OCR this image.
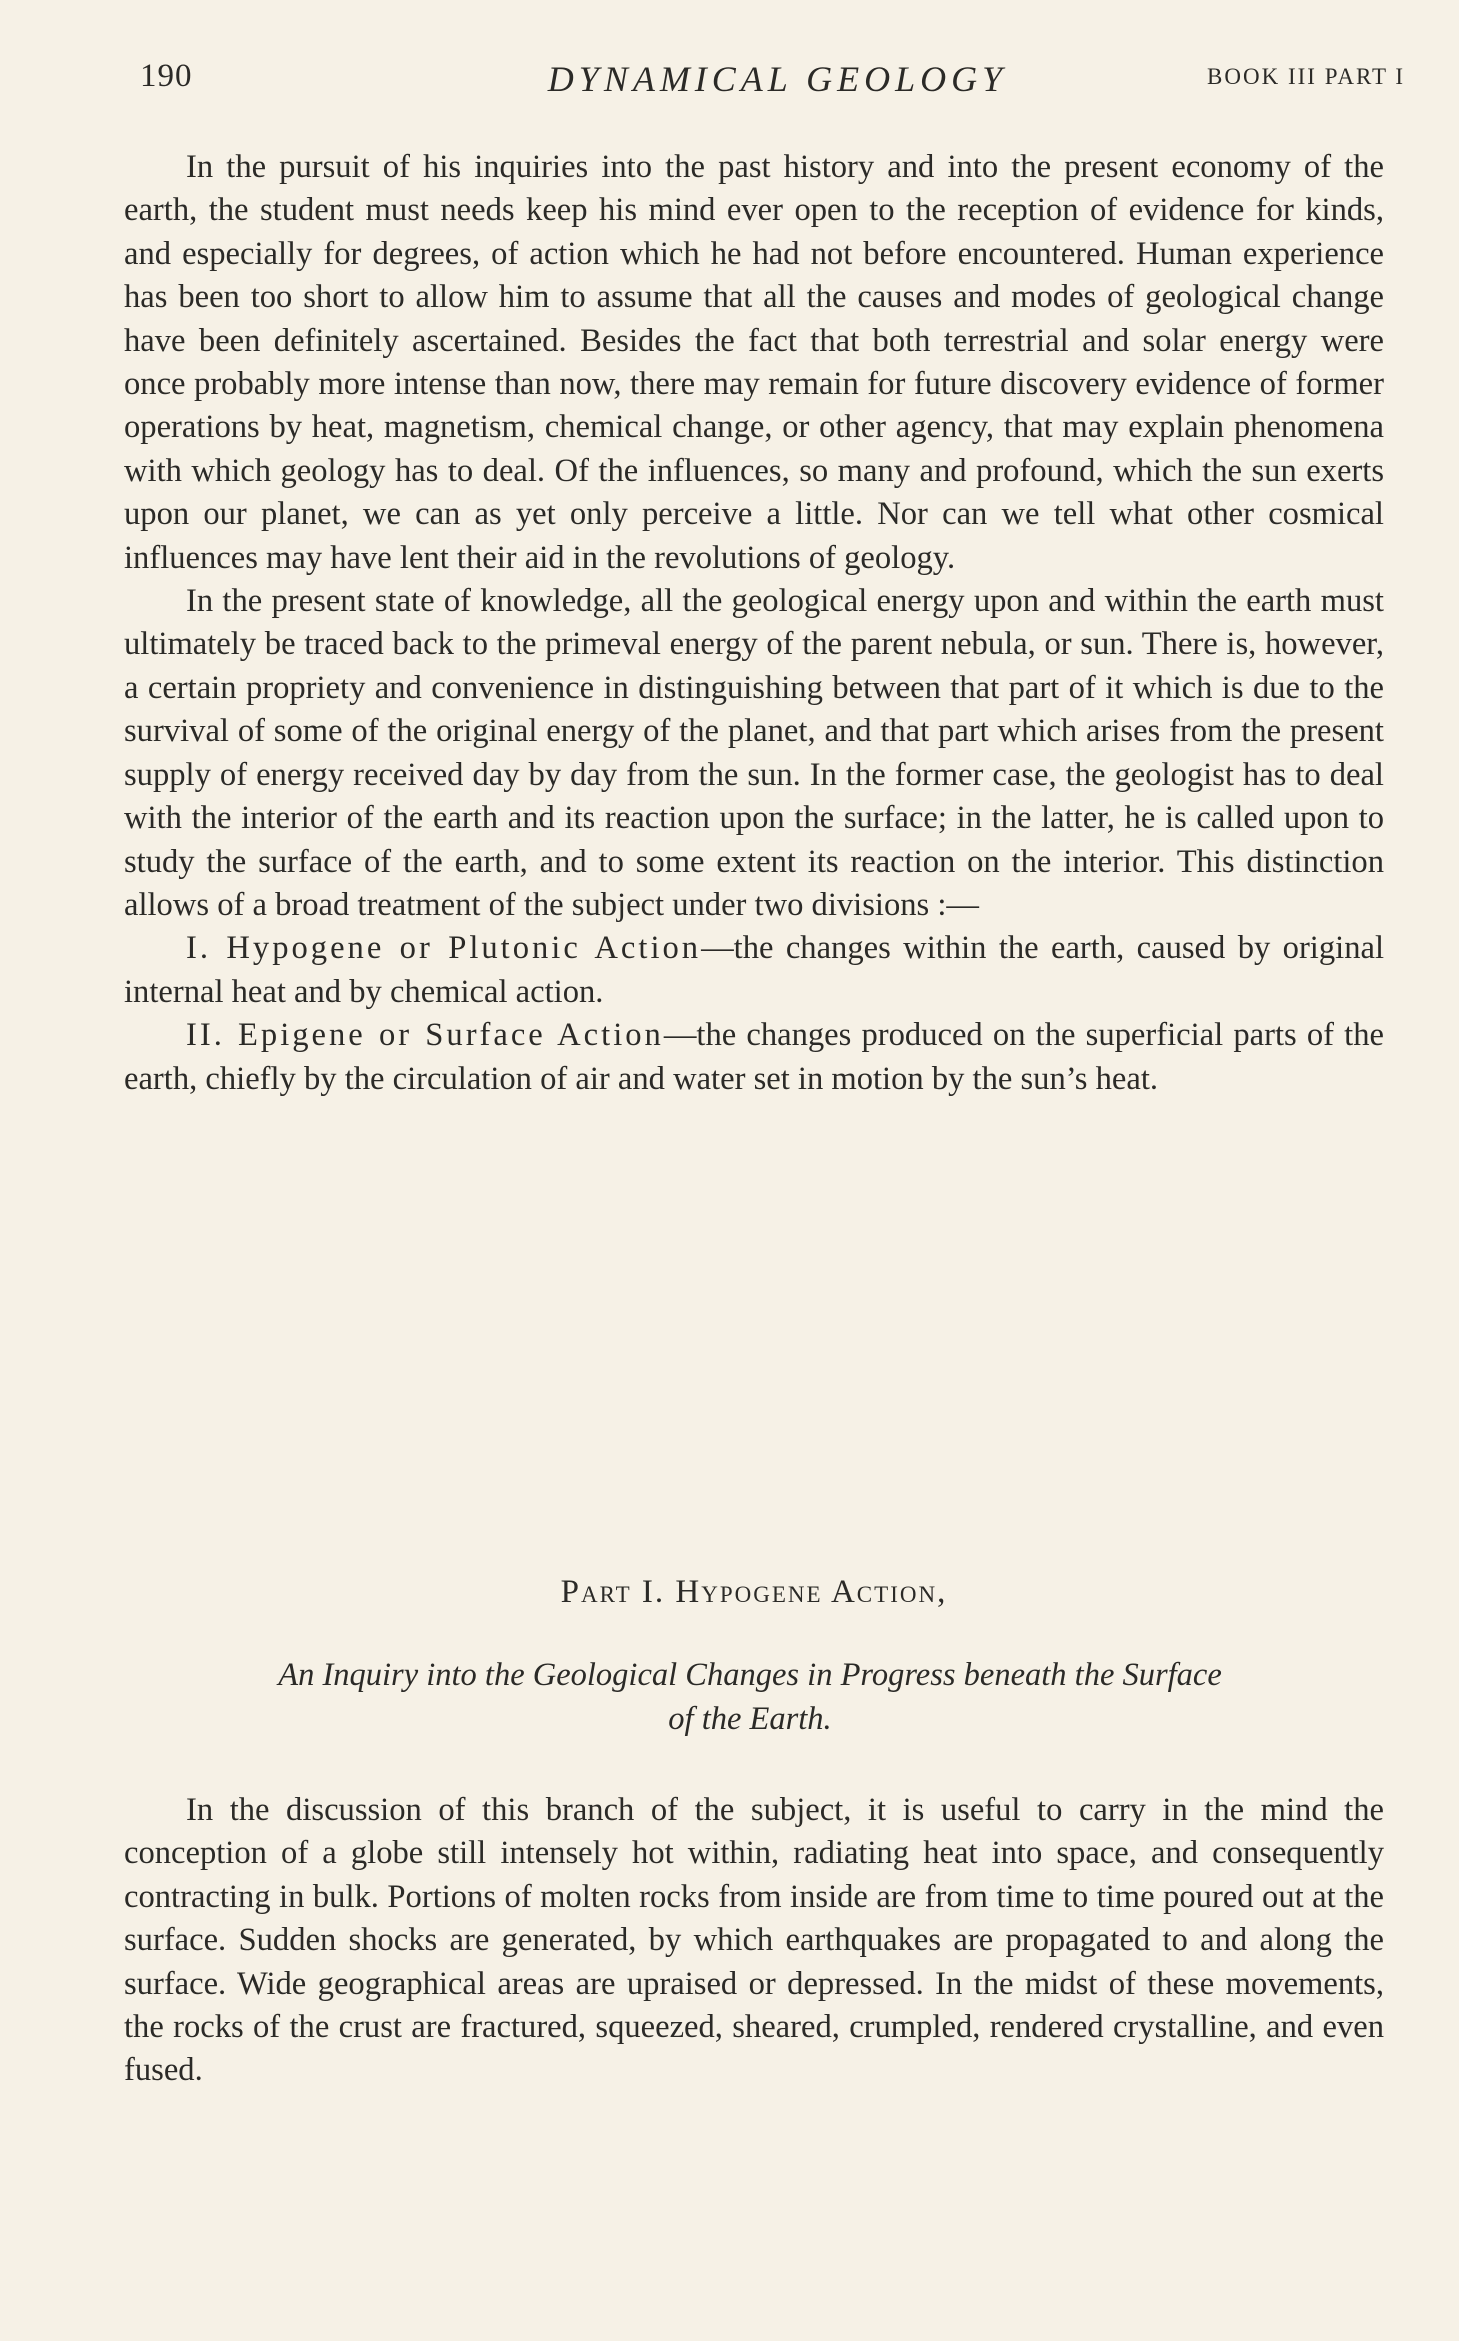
190	DYNAMICAL GEOLOGY	BOOK III PART I

In the pursuit of his inquiries into the past history and into the present economy of the earth, the student must needs keep his mind ever open to the reception of evidence for kinds, and especially for degrees, of action which he had not before encountered. Human experience has been too short to allow him to assume that all the causes and modes of geological change have been definitely ascertained. Besides the fact that both terrestrial and solar energy were once probably more intense than now, there may remain for future discovery evidence of former operations by heat, magnetism, chemical change, or other agency, that may explain phenomena with which geology has to deal. Of the influences, so many and profound, which the sun exerts upon our planet, we can as yet only perceive a little. Nor can we tell what other cosmical influences may have lent their aid in the revolutions of geology.

In the present state of knowledge, all the geological energy upon and within the earth must ultimately be traced back to the primeval energy of the parent nebula, or sun. There is, however, a certain propriety and convenience in distinguishing between that part of it which is due to the survival of some of the original energy of the planet, and that part which arises from the present supply of energy received day by day from the sun. In the former case, the geologist has to deal with the interior of the earth and its reaction upon the surface; in the latter, he is called upon to study the surface of the earth, and to some extent its reaction on the interior. This distinction allows of a broad treatment of the subject under two divisions :—

I. Hypogene or Plutonic Action—the changes within the earth, caused by original internal heat and by chemical action.

II. Epigene or Surface Action—the changes produced on the superficial parts of the earth, chiefly by the circulation of air and water set in motion by the sun’s heat.

Part I. Hypogene Action,
An Inquiry into the Geological Changes in Progress beneath the Surface
of the Earth.

In the discussion of this branch of the subject, it is useful to carry in the mind the conception of a globe still intensely hot within, radiating heat into space, and consequently contracting in bulk. Portions of molten rocks from inside are from time to time poured out at the surface. Sudden shocks are generated, by which earthquakes are propagated to and along the surface. Wide geographical areas are upraised or depressed. In the midst of these movements, the rocks of the crust are fractured, squeezed, sheared, crumpled, rendered crystalline, and even fused.
